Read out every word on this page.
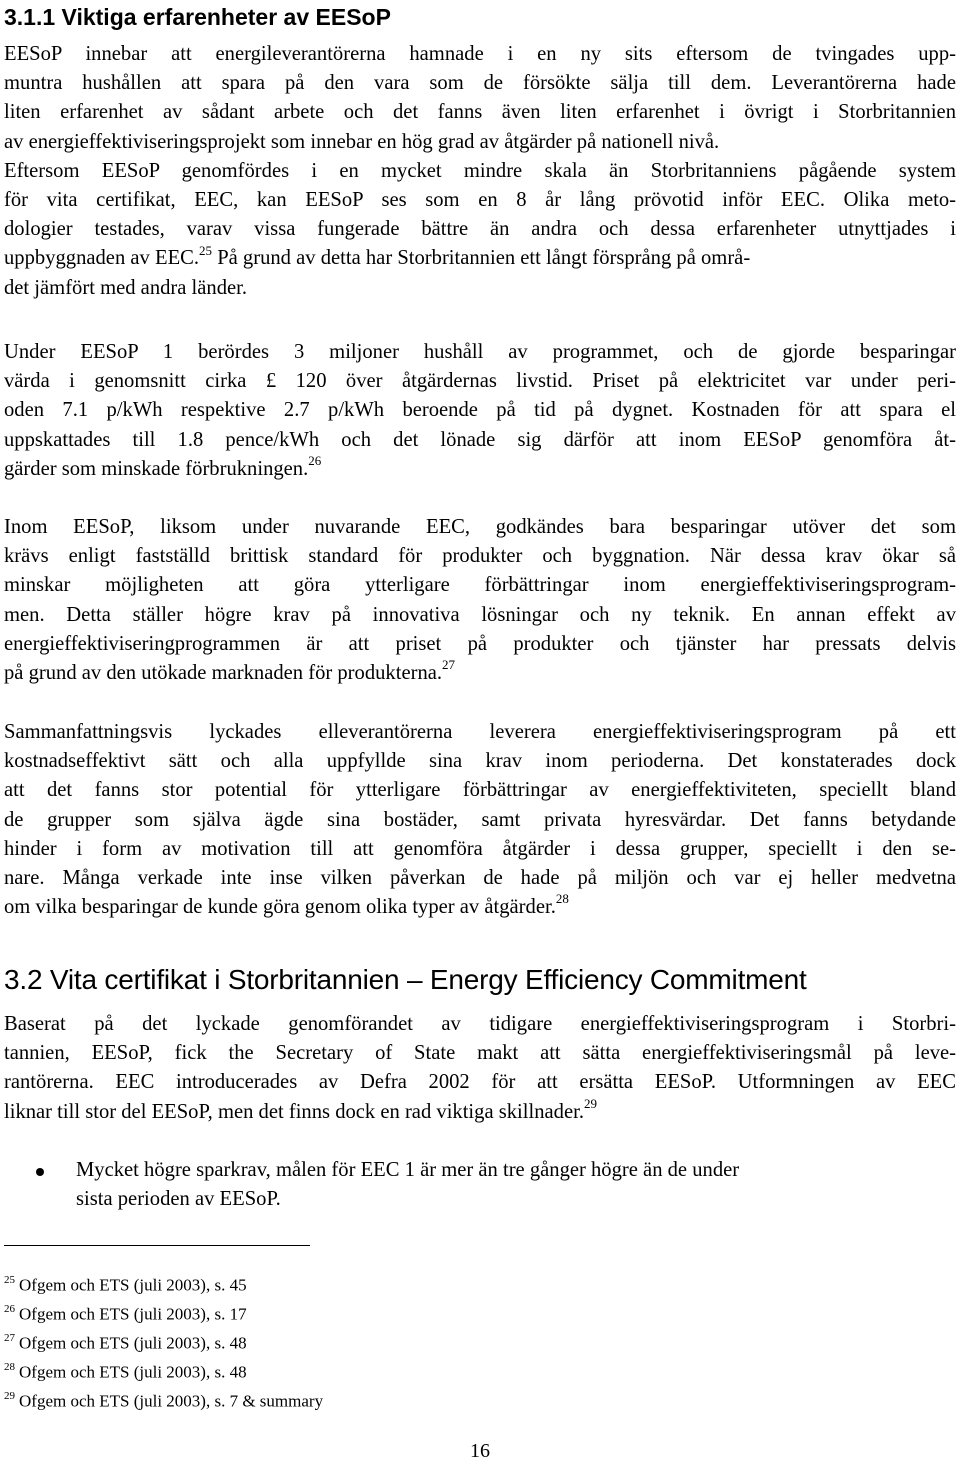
3.1.1 Viktiga erfarenheter av EESoP

EESoP innebar att energileverantörerna hamnade i en ny sits eftersom de tvingades upp-
muntra hushållen att spara på den vara som de försökte sälja till dem. Leverantörerna hade
liten erfarenhet av sådant arbete och det fanns även liten erfarenhet i övrigt i Storbritannien
av energieffektiviseringsprojekt som innebar en hög grad av åtgärder på nationell nivå.
Eftersom EESoP genomfördes i en mycket mindre skala än Storbritanniens pågående system
för vita certifikat, EEC, kan EESoP ses som en 8 år lång prövotid inför EEC. Olika meto-
dologier testades, varav vissa fungerade bättre än andra och dessa erfarenheter utnyttjades i
uppbyggnaden av EEC.$^{25}$ På grund av detta har Storbritannien ett långt försprång på områ-
det jämfört med andra länder.

Under EESoP 1 berördes 3 miljoner hushåll av programmet, och de gjorde besparingar
värda i genomsnitt cirka £ 120 över åtgärdernas livstid. Priset på elektricitet var under peri-
oden 7.1 p/kWh respektive 2.7 p/kWh beroende på tid på dygnet. Kostnaden för att spara el
uppskattades till 1.8 pence/kWh och det lönade sig därför att inom EESoP genomföra åt-
gärder som minskade förbrukningen.$^{26}$

Inom EESoP, liksom under nuvarande EEC, godkändes bara besparingar utöver det som
krävs enligt fastställd brittisk standard för produkter och byggnation. När dessa krav ökar så
minskar möjligheten att göra ytterligare förbättringar inom energieffektiviseringsprogram-
men. Detta ställer högre krav på innovativa lösningar och ny teknik. En annan effekt av
energieffektiviseringprogrammen är att priset på produkter och tjänster har pressats delvis
på grund av den utökade marknaden för produkterna.$^{27}$

Sammanfattningsvis lyckades elleverantörerna leverera energieffektiviseringsprogram på ett
kostnadseffektivt sätt och alla uppfyllde sina krav inom perioderna. Det konstaterades dock
att det fanns stor potential för ytterligare förbättringar av energieffektiviteten, speciellt bland
de grupper som själva ägde sina bostäder, samt privata hyresvärdar. Det fanns betydande
hinder i form av motivation till att genomföra åtgärder i dessa grupper, speciellt i den se-
nare. Många verkade inte inse vilken påverkan de hade på miljön och var ej heller medvetna
om vilka besparingar de kunde göra genom olika typer av åtgärder.$^{28}$

3.2 Vita certifikat i Storbritannien – Energy Efficiency Commitment

Baserat på det lyckade genomförandet av tidigare energieffektiviseringsprogram i Storbri-
tannien, EESoP, fick the Secretary of State makt att sätta energieffektiviseringsmål på leve-
rantörerna. EEC introducerades av Defra 2002 för att ersätta EESoP. Utformningen av EEC
liknar till stor del EESoP, men det finns dock en rad viktiga skillnader.$^{29}$

Mycket högre sparkrav, målen för EEC 1 är mer än tre gånger högre än de under
sista perioden av EESoP.

$^{25}$ Ofgem och ETS (juli 2003), s. 45
$^{26}$ Ofgem och ETS (juli 2003), s. 17
$^{27}$ Ofgem och ETS (juli 2003), s. 48
$^{28}$ Ofgem och ETS (juli 2003), s. 48
$^{29}$ Ofgem och ETS (juli 2003), s. 7 & summary
16
